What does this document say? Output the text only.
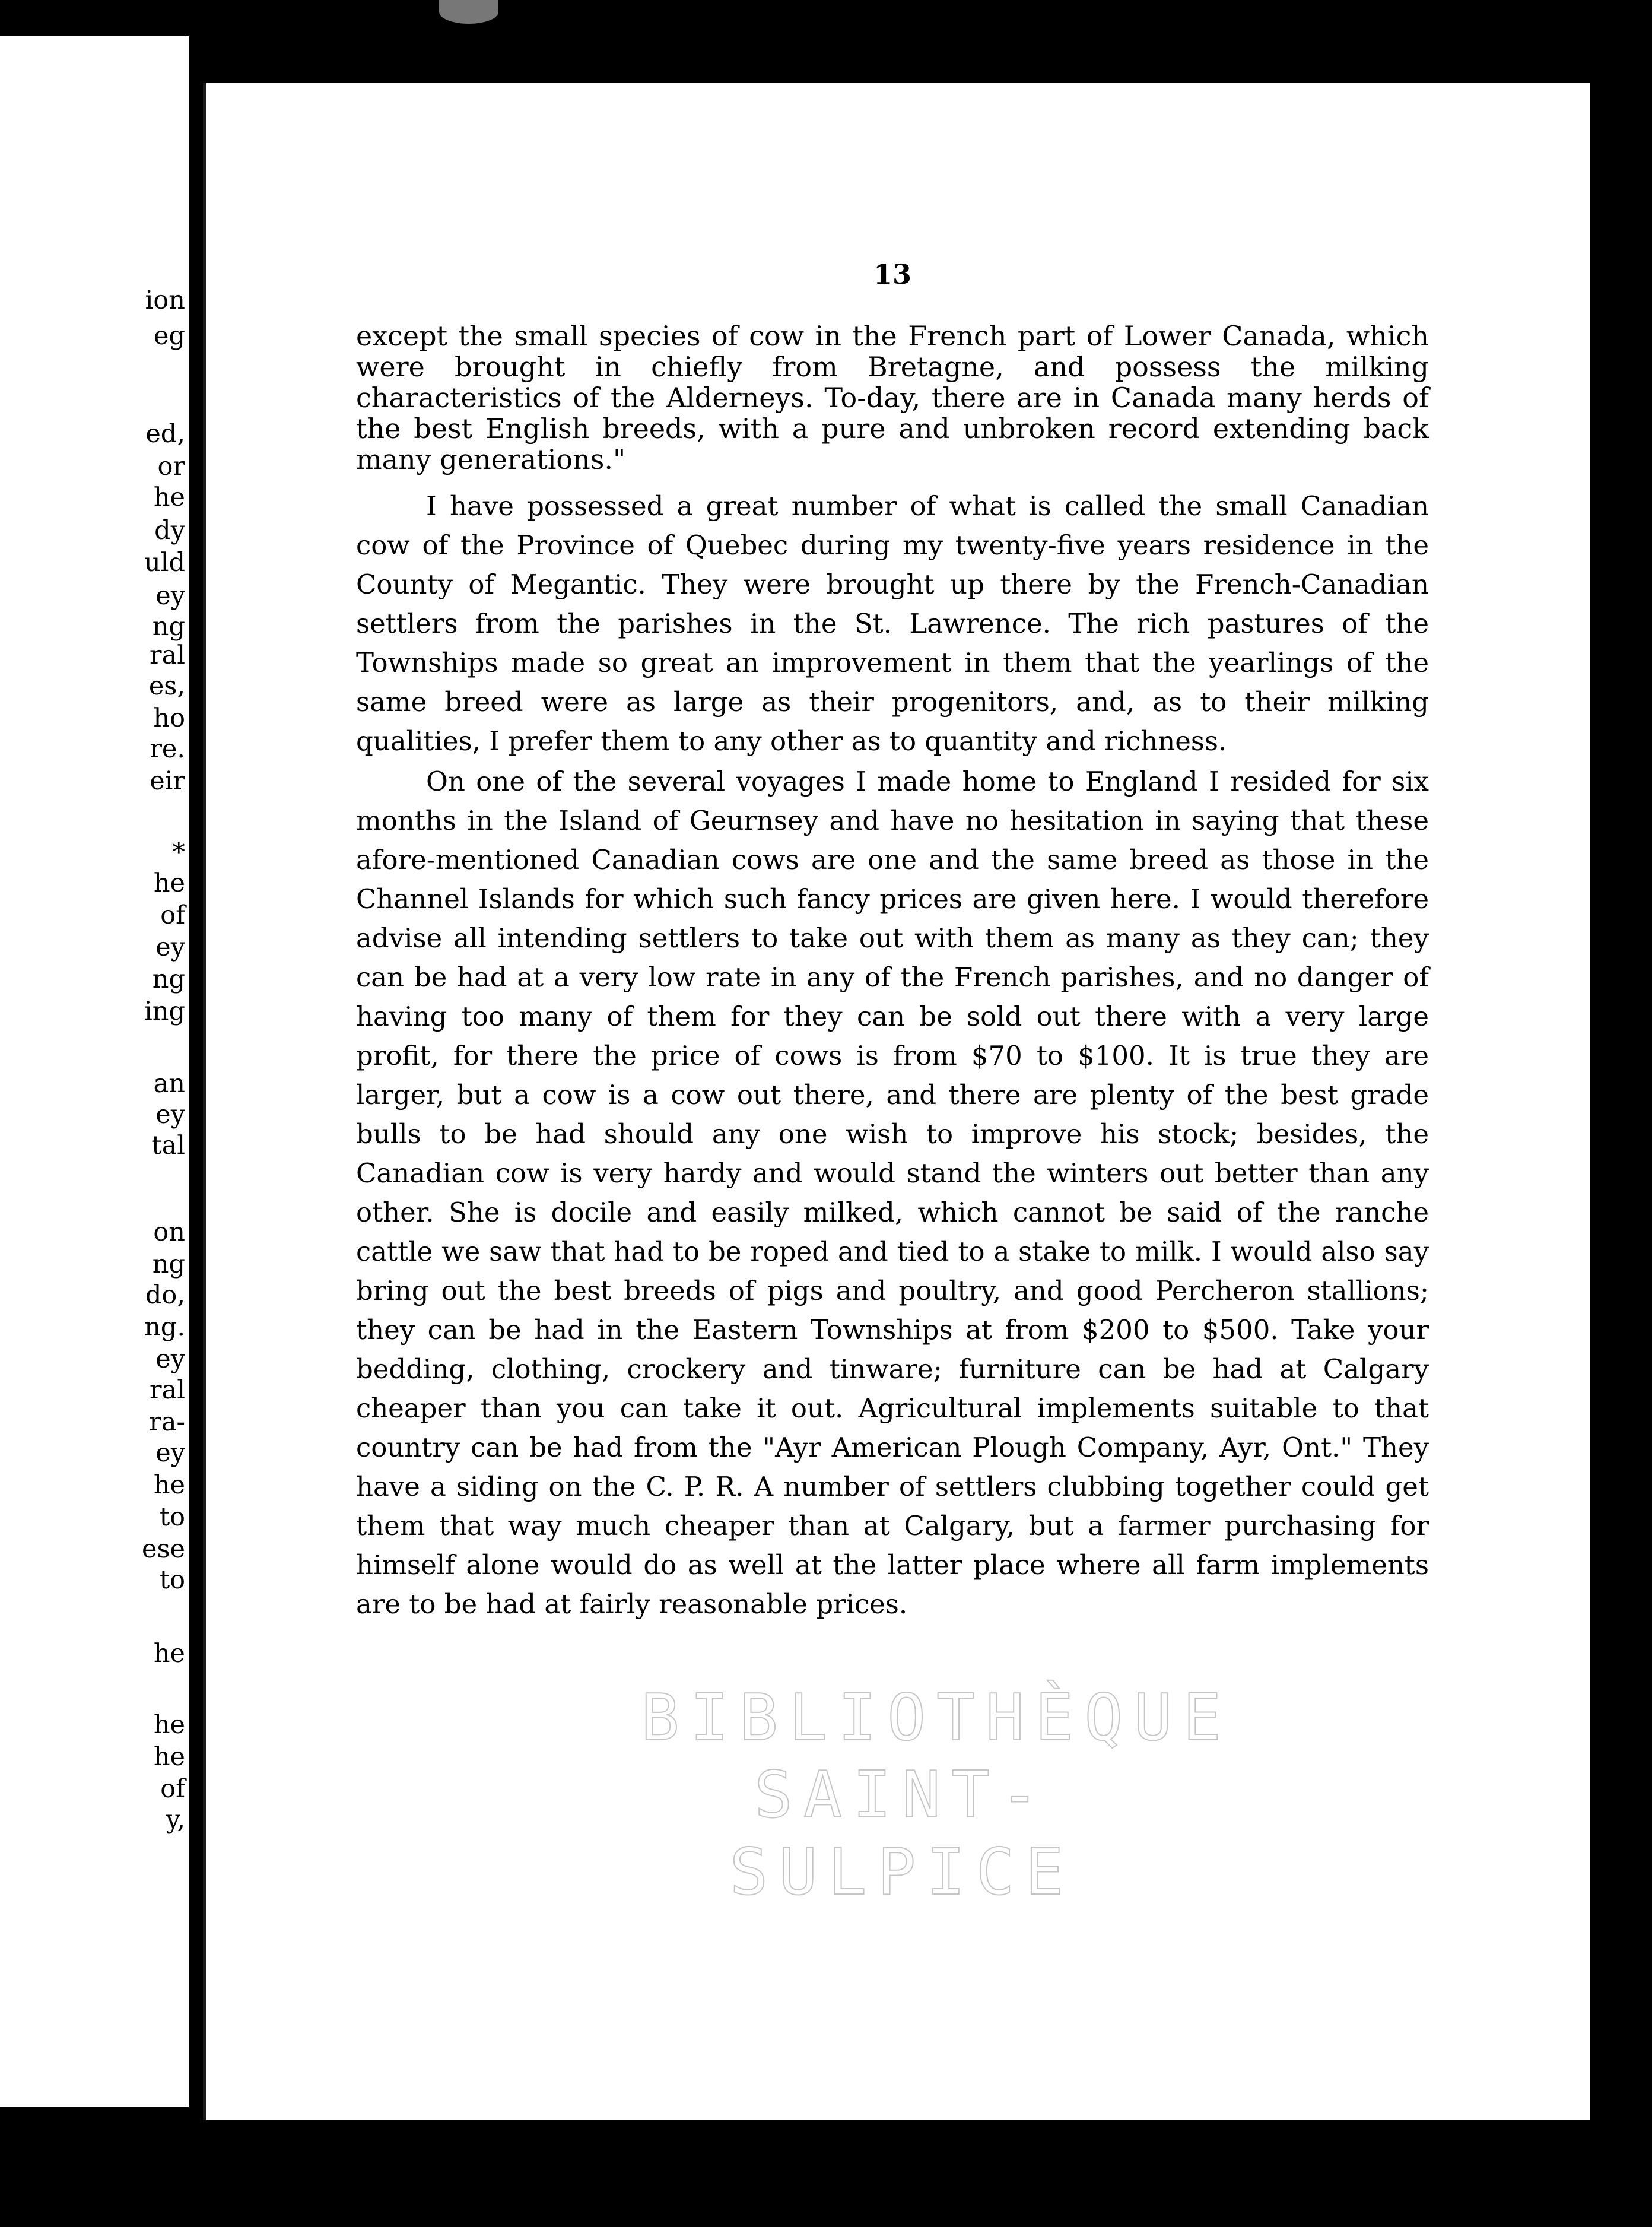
ion
eg
ed,
or
he
dy
uld
ey
ng
ral
es,
ho
re.
eir
*
he
of
ey
ng
ing
an
ey
tal
on
ng
do,
ng.
ey
ral
ra-
ey
he
to
ese
to
he
he
he
of
y,
13

except the small species of cow in the French part of Lower Canada, which were brought in chiefly from Bretagne, and possess the milking characteristics of the Alderneys. To-day, there are in Canada many herds of the best English breeds, with a pure and unbroken record extending back many generations."

I have possessed a great number of what is called the small Canadian cow of the Province of Quebec during my twenty-five years residence in the County of Megantic. They were brought up there by the French-Canadian settlers from the parishes in the St. Lawrence. The rich pastures of the Townships made so great an improvement in them that the yearlings of the same breed were as large as their progenitors, and, as to their milking qualities, I prefer them to any other as to quantity and richness.

On one of the several voyages I made home to England I resided for six months in the Island of Geurnsey and have no hesitation in saying that these afore-mentioned Canadian cows are one and the same breed as those in the Channel Islands for which such fancy prices are given here. I would therefore advise all intending settlers to take out with them as many as they can; they can be had at a very low rate in any of the French parishes, and no danger of having too many of them for they can be sold out there with a very large profit, for there the price of cows is from $70 to $100. It is true they are larger, but a cow is a cow out there, and there are plenty of the best grade bulls to be had should any one wish to improve his stock; besides, the Canadian cow is very hardy and would stand the winters out better than any other. She is docile and easily milked, which cannot be said of the ranche cattle we saw that had to be roped and tied to a stake to milk. I would also say bring out the best breeds of pigs and poultry, and good Percheron stallions; they can be had in the Eastern Townships at from $200 to $500. Take your bedding, clothing, crockery and tinware; furniture can be had at Calgary cheaper than you can take it out. Agricultural implements suitable to that country can be had from the "Ayr American Plough Company, Ayr, Ont." They have a siding on the C. P. R. A number of settlers clubbing together could get them that way much cheaper than at Calgary, but a farmer purchasing for himself alone would do as well at the latter place where all farm implements are to be had at fairly reasonable prices.

BIBLIOTHÈQUE
SAINT-SULPICE
